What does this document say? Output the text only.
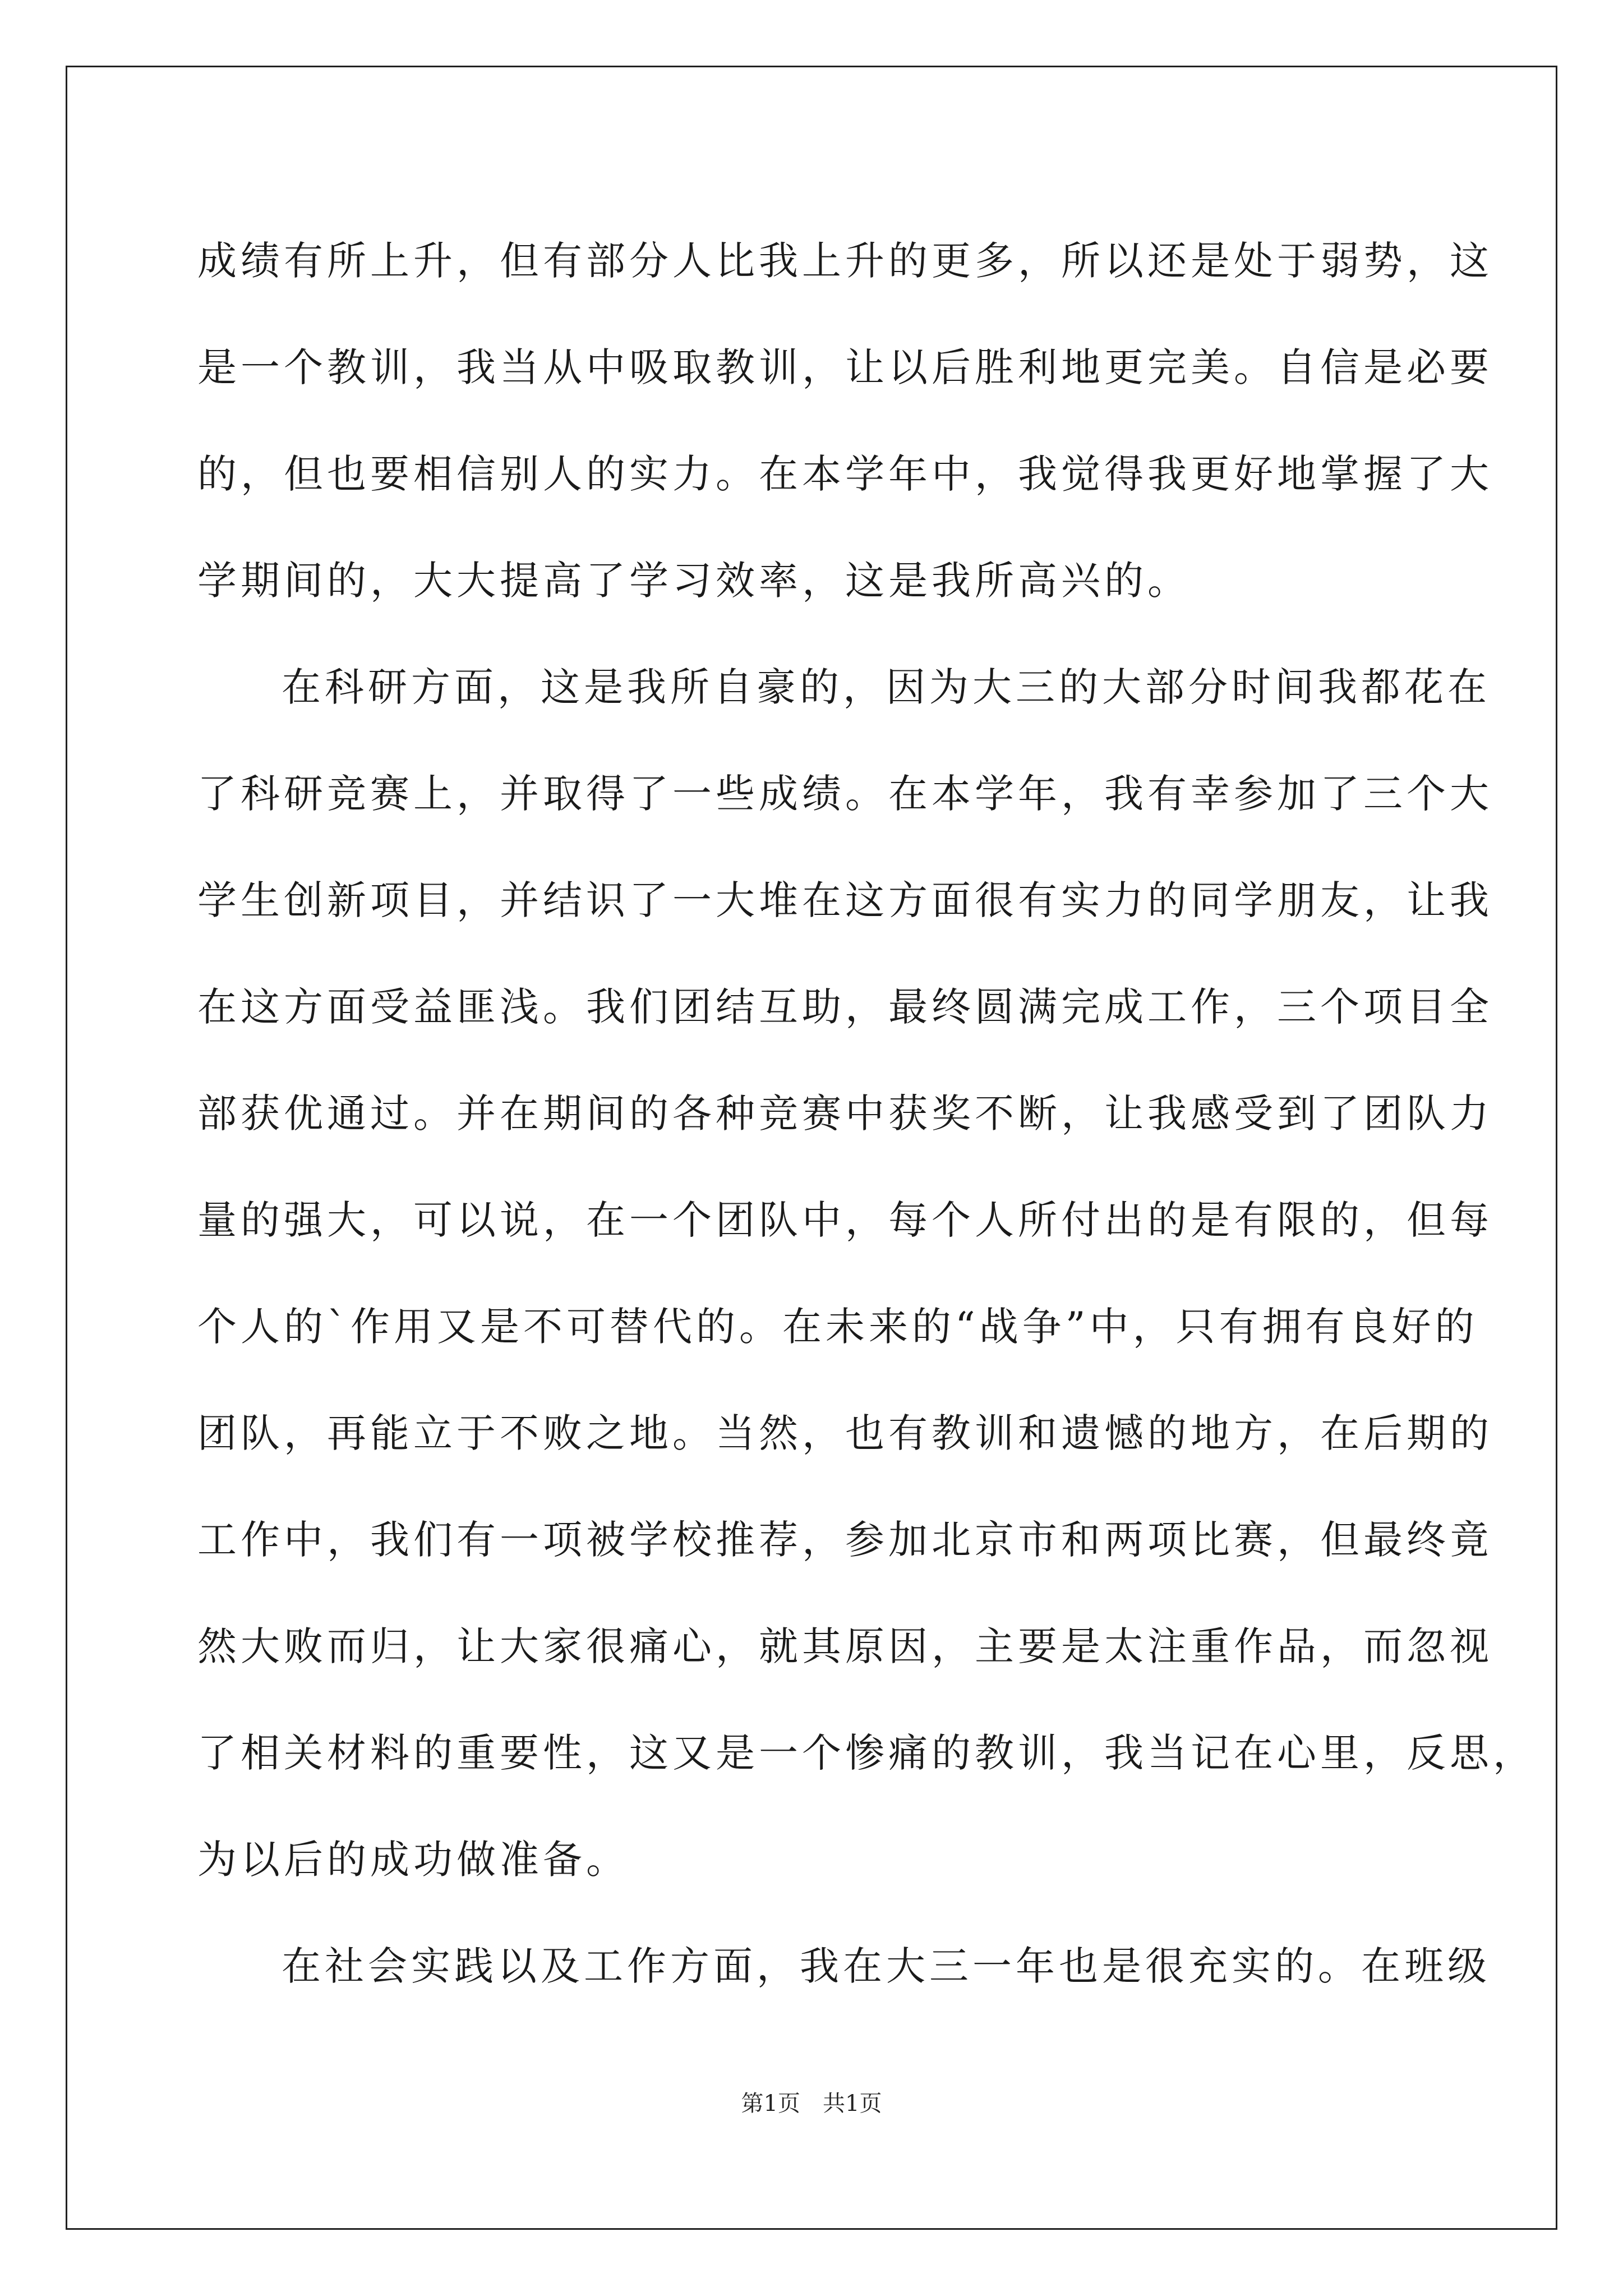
成绩有所上升，但有部分人比我上升的更多，所以还是处于弱势，这
是一个教训，我当从中吸取教训，让以后胜利地更完美。自信是必要
的，但也要相信别人的实力。在本学年中，我觉得我更好地掌握了大
学期间的，大大提高了学习效率，这是我所高兴的。
在科研方面，这是我所自豪的，因为大三的大部分时间我都花在
了科研竞赛上，并取得了一些成绩。在本学年，我有幸参加了三个大
学生创新项目，并结识了一大堆在这方面很有实力的同学朋友，让我
在这方面受益匪浅。我们团结互助，最终圆满完成工作，三个项目全
部获优通过。并在期间的各种竞赛中获奖不断，让我感受到了团队力
量的强大，可以说，在一个团队中，每个人所付出的是有限的，但每
个人的`作用又是不可替代的。在未来的“战争”中，只有拥有良好的
团队，再能立于不败之地。当然，也有教训和遗憾的地方，在后期的
工作中，我们有一项被学校推荐，参加北京市和两项比赛，但最终竟
然大败而归，让大家很痛心，就其原因，主要是太注重作品，而忽视
了相关材料的重要性，这又是一个惨痛的教训，我当记在心里，反思，
为以后的成功做准备。
在社会实践以及工作方面，我在大三一年也是很充实的。在班级
第1页　共1页
